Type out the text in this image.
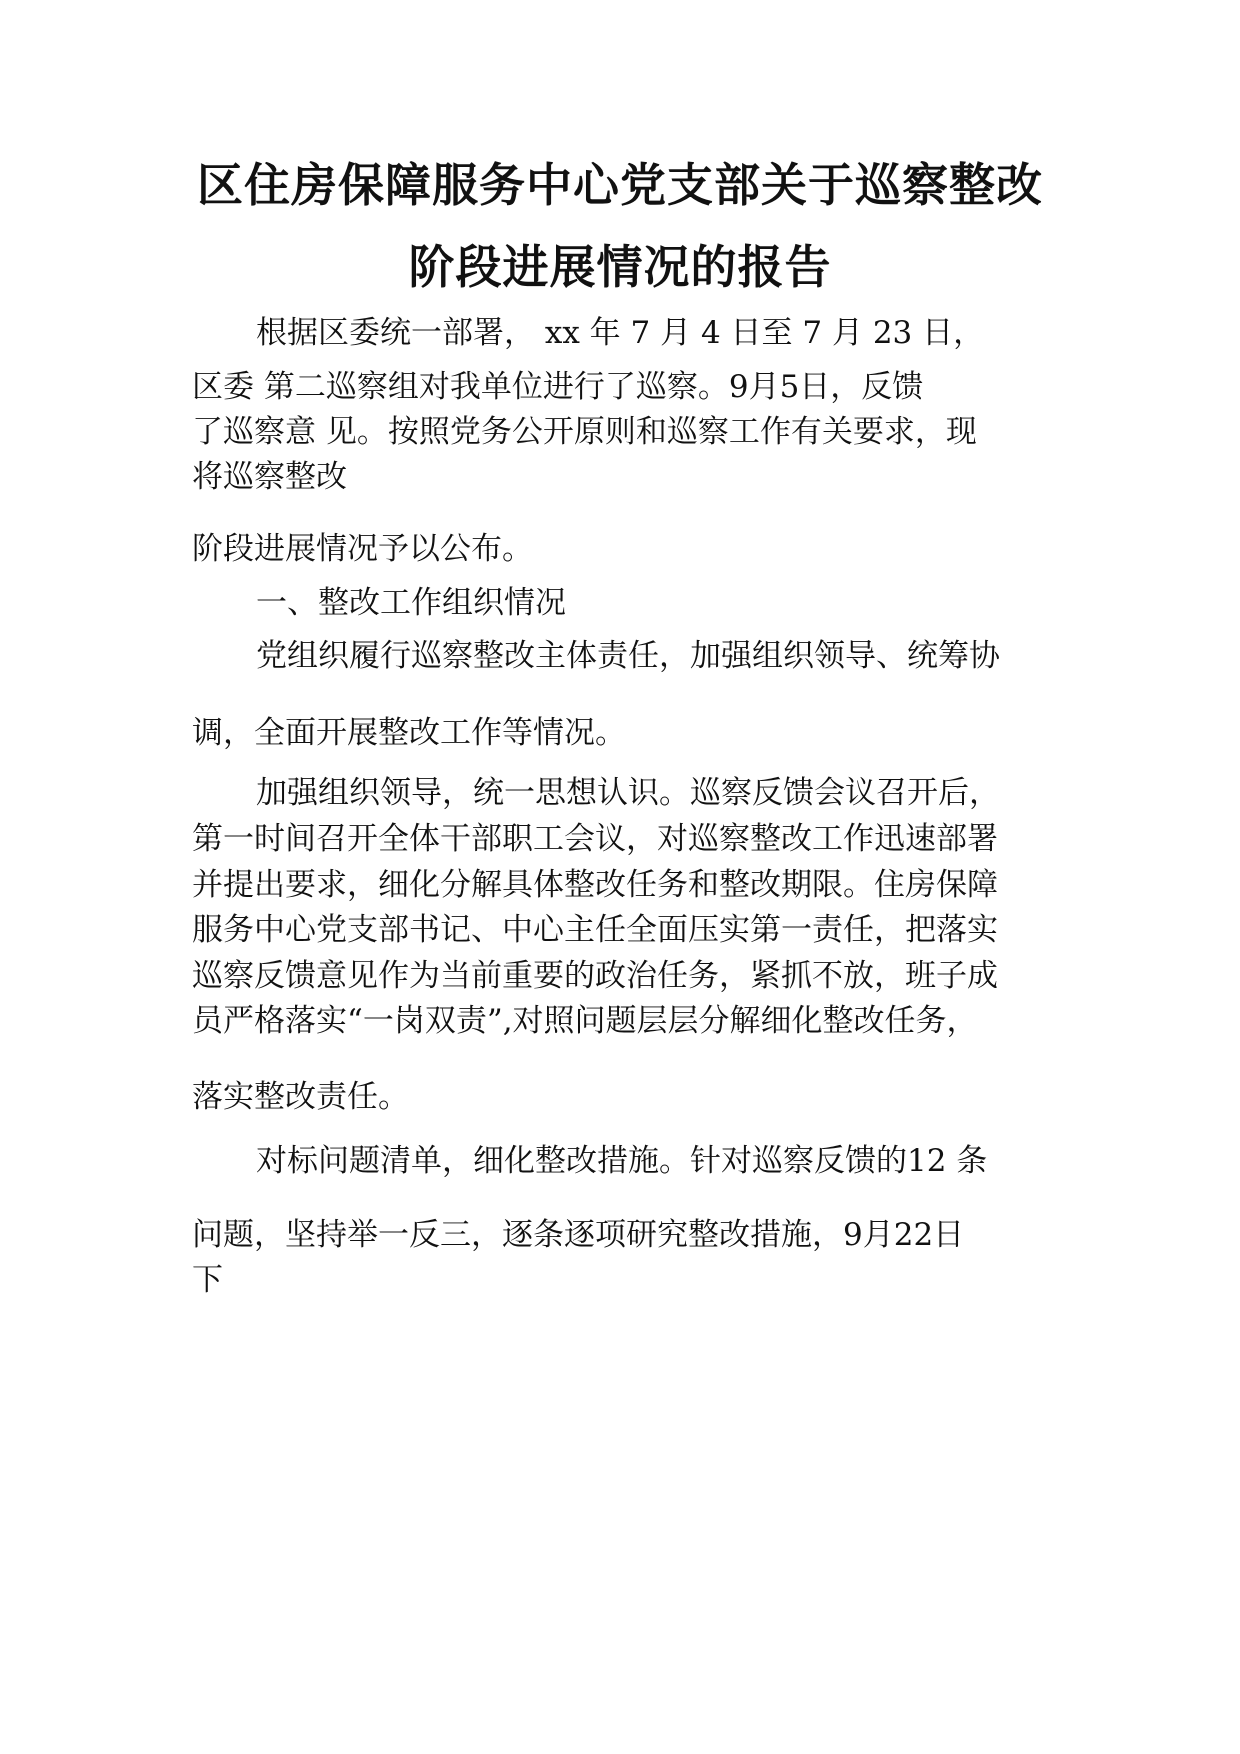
区住房保障服务中心党支部关于巡察整改
阶段进展情况的报告
根据区委统一部署， xx 年 7 月 4 日至 7 月 23 日，
区委 第二巡察组对我单位进行了巡察。9月5日，反馈
了巡察意 见。按照党务公开原则和巡察工作有关要求，现
将巡察整改
阶段进展情况予以公布。
一、整改工作组织情况
党组织履行巡察整改主体责任，加强组织领导、统筹协
调，全面开展整改工作等情况。
加强组织领导，统一思想认识。巡察反馈会议召开后，
第一时间召开全体干部职工会议，对巡察整改工作迅速部署
并提出要求，细化分解具体整改任务和整改期限。住房保障
服务中心党支部书记、中心主任全面压实第一责任，把落实
巡察反馈意见作为当前重要的政治任务，紧抓不放，班子成
员严格落实“一岗双责”,对照问题层层分解细化整改任务，
落实整改责任。
对标问题清单，细化整改措施。针对巡察反馈的12 条
问题，坚持举一反三，逐条逐项研究整改措施，9月22日
下
